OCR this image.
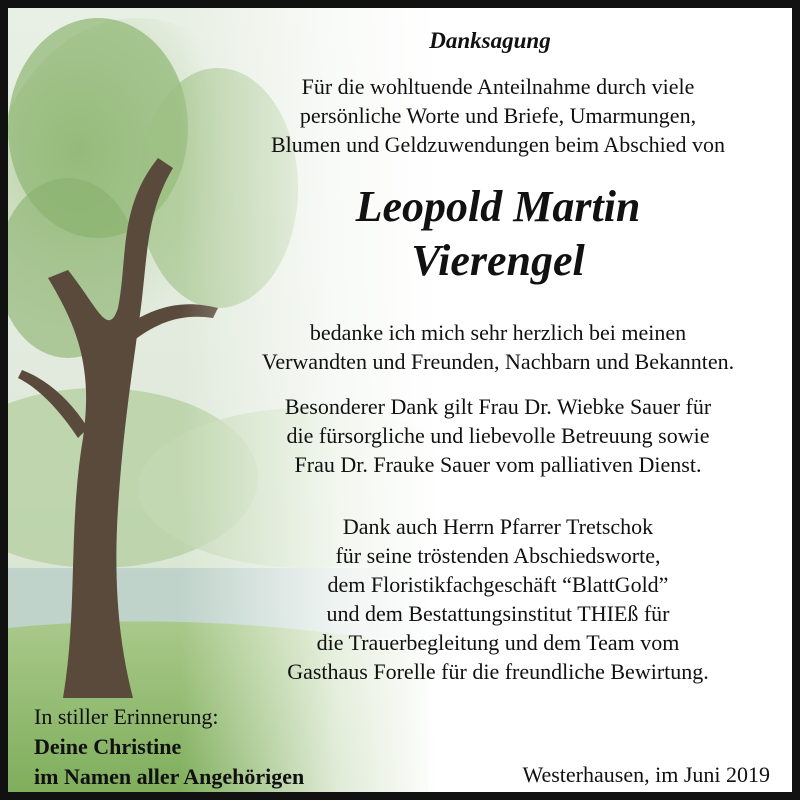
Danksagung
Für die wohltuende Anteilnahme durch viele
persönliche Worte und Briefe, Umarmungen,
Blumen und Geldzuwendungen beim Abschied von
Leopold Martin
Vierengel
bedanke ich mich sehr herzlich bei meinen
Verwandten und Freunden, Nachbarn und Bekannten.
Besonderer Dank gilt Frau Dr. Wiebke Sauer für
die fürsorgliche und liebevolle Betreuung sowie
Frau Dr. Frauke Sauer vom palliativen Dienst.
Dank auch Herrn Pfarrer Tretschok
für seine tröstenden Abschiedsworte,
dem Floristikfachgeschäft “BlattGold”
und dem Bestattungsinstitut THIEß für
die Trauerbegleitung und dem Team vom
Gasthaus Forelle für die freundliche Bewirtung.
In stiller Erinnerung:
Deine Christine
im Namen aller Angehörigen	Westerhausen, im Juni 2019
